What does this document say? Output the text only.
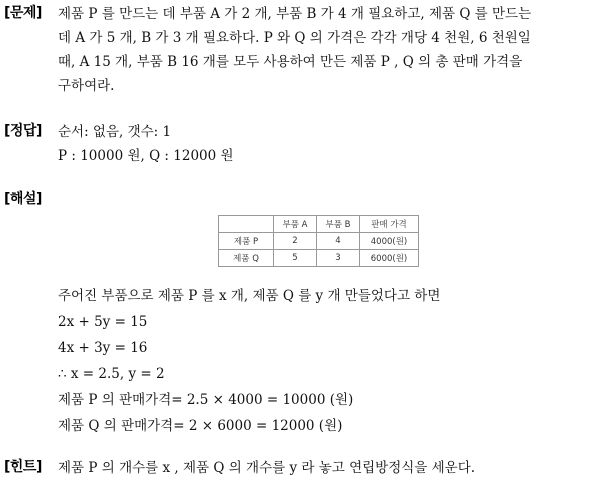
[문제] 제품 P 를 만드는 데 부품 A 가 2 개, 부품 B 가 4 개 필요하고, 제품 Q 를 만드는
데 A 가 5 개, B 가 3 개 필요하다. P 와 Q 의 가격은 각각 개당 4 천원, 6 천원일
때, A 15 개, 부품 B 16 개를 모두 사용하여 만든 제품 P , Q 의 총 판매 가격을
구하여라.
[정답] 순서: 없음, 갯수: 1
P : 10000 원, Q : 12000 원
[해설]
	부품 A	부품 B	판매 가격
제품 P	2	4	4000(원)
제품 Q	5	3	6000(원)
주어진 부품으로 제품 P 를 x 개, 제품 Q 를 y 개 만들었다고 하면
2x + 5y = 15
4x + 3y = 16
∴ x = 2.5, y = 2
제품 P 의 판매가격= 2.5 × 4000 = 10000 (원)
제품 Q 의 판매가격= 2 × 6000 = 12000 (원)
[힌트] 제품 P 의 개수를 x , 제품 Q 의 개수를 y 라 놓고 연립방정식을 세운다.
